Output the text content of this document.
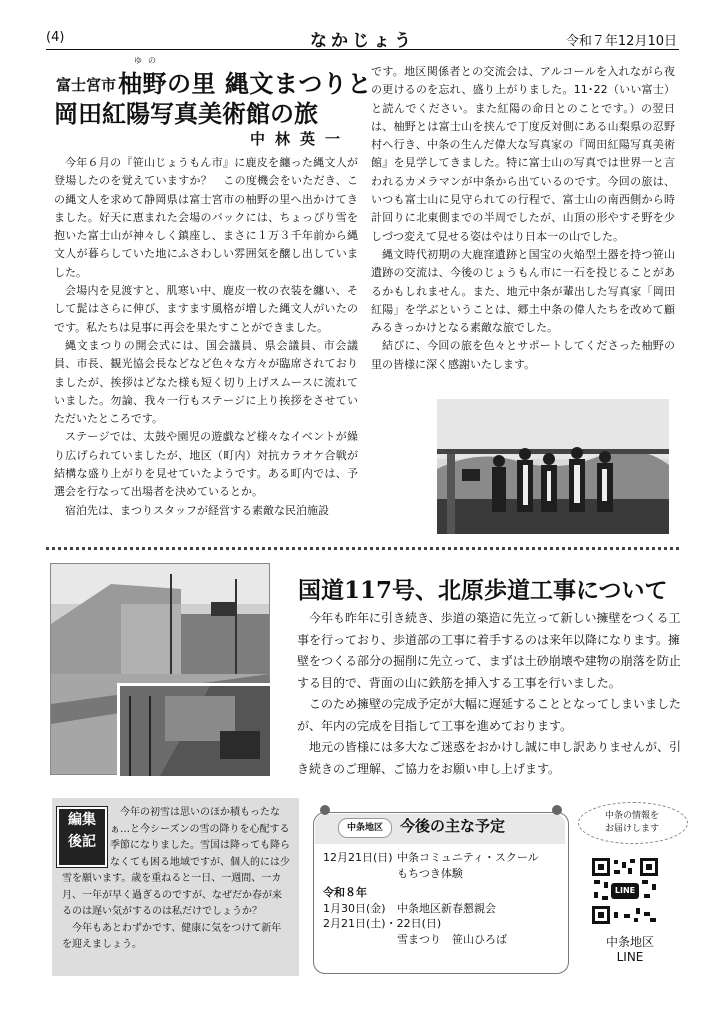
(4)	なかじょう	令和７年12月10日
ゆの
富士宮市 柚野の里 縄文まつりと
岡田紅陽写真美術館の旅
中林英一

今年６月の『笹山じょうもん市』に鹿皮を纏った縄文人が登場したのを覚えていますか？　この度機会をいただき、この縄文人を求めて静岡県は富士宮市の柚野の里へ出かけてきました。好天に恵まれた会場のバックには、ちょっぴり雪を抱いた富士山が神々しく鎮座し、まさに１万３千年前から縄文人が暮らしていた地にふさわしい雰囲気を醸し出していました。

会場内を見渡すと、肌寒い中、鹿皮一枚の衣装を纏い、そして髭はさらに伸び、ますます風格が増した縄文人がいたのです。私たちは見事に再会を果たすことができました。

縄文まつりの開会式には、国会議員、県会議員、市会議員、市長、観光協会長などなど色々な方々が臨席されておりましたが、挨拶はどなた様も短く切り上げスムースに流れていました。勿論、我々一行もステージに上り挨拶をさせていただいたところです。

ステージでは、太鼓や園児の遊戯など様々なイベントが繰り広げられていましたが、地区（町内）対抗カラオケ合戦が結構な盛り上がりを見せていたようです。ある町内では、予選会を行なって出場者を決めているとか。

宿泊先は、まつりスタッフが経営する素敵な民泊施設

です。地区関係者との交流会は、アルコールを入れながら夜の更けるのを忘れ、盛り上がりました。11･22（いい富士）と読んでください。また紅陽の命日とのことです。）の翌日は、柚野とは富士山を挟んで丁度反対側にある山梨県の忍野村へ行き、中条の生んだ偉大な写真家の『岡田紅陽写真美術館』を見学してきました。特に富士山の写真では世界一と言われるカメラマンが中条から出ているのです。今回の旅は、いつも富士山に見守られての行程で、富士山の南西側から時計回りに北東側までの半周でしたが、山頂の形やすそ野を少しづつ変えて見せる姿はやはり日本一の山でした。

縄文時代初期の大鹿窪遺跡と国宝の火焔型土器を持つ笹山遺跡の交流は、今後のじょうもん市に一石を投じることがあるかもしれません。また、地元中条が輩出した写真家「岡田紅陽」を学ぶということは、郷土中条の偉人たちを改めて顧みるきっかけとなる素敵な旅でした。

結びに、今回の旅を色々とサポートしてくださった柚野の里の皆様に深く感謝いたします。

国道117号、北原歩道工事について

今年も昨年に引き続き、歩道の築造に先立って新しい擁壁をつくる工事を行っており、歩道部の工事に着手するのは来年以降になります。擁壁をつくる部分の掘削に先立って、まずは土砂崩壊や建物の崩落を防止する目的で、背面の山に鉄筋を挿入する工事を行いました。

このため擁壁の完成予定が大幅に遅延することとなってしまいましたが、年内の完成を目指して工事を進めております。

地元の皆様には多大なご迷惑をおかけし誠に申し訳ありませんが、引き続きのご理解、ご協力をお願い申し上げます。

今年の初雪は思いのほか積もったなぁ…と今シーズンの雪の降りを心配する季節になりました。雪国は降っても降らなくても困る地域ですが、個人的には少雪を願います。歳を重ねると一日、一週間、一カ月、一年が早く過ぎるのですが、なぜだか春が来るのは遅い気がするのは私だけでしょうか？

今年もあとわずかです、健康に気をつけて新年を迎えましょう。

編集
後記
中条地区	今後の主な予定
12月21日(日) 中条コミュニティ・スクール
もちつき体験
令和８年
1月30日(金)	中条地区新春懇親会
2月21日(土)・22日(日)
雪まつり　笹山ひろば
中条の情報を
お届けします
LINE
中条地区
LINE
